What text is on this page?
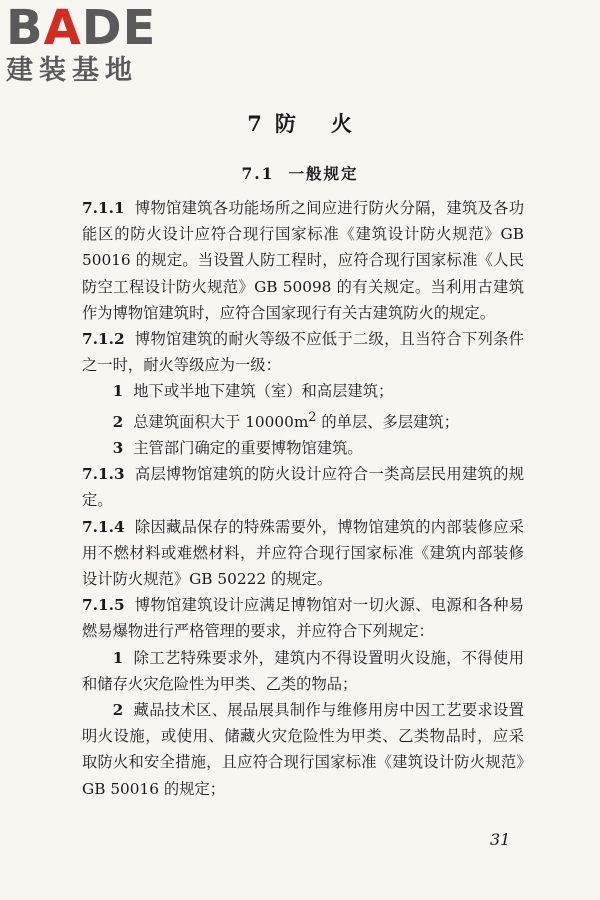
BADE
建装基地
7 防 火
7.1 一般规定

7.1.1 博物馆建筑各功能场所之间应进行防火分隔，建筑及各功能区的防火设计应符合现行国家标准《建筑设计防火规范》GB 50016 的规定。当设置人防工程时，应符合现行国家标准《人民防空工程设计防火规范》GB 50098 的有关规定。当利用古建筑作为博物馆建筑时，应符合国家现行有关古建筑防火的规定。

7.1.2 博物馆建筑的耐火等级不应低于二级，且当符合下列条件之一时，耐火等级应为一级：

1 地下或半地下建筑（室）和高层建筑；

2 总建筑面积大于 $10000m^2$ 的单层、多层建筑；

3 主管部门确定的重要博物馆建筑。

7.1.3 高层博物馆建筑的防火设计应符合一类高层民用建筑的规定。

7.1.4 除因藏品保存的特殊需要外，博物馆建筑的内部装修应采用不燃材料或难燃材料，并应符合现行国家标准《建筑内部装修设计防火规范》GB 50222 的规定。

7.1.5 博物馆建筑设计应满足博物馆对一切火源、电源和各种易燃易爆物进行严格管理的要求，并应符合下列规定：

1 除工艺特殊要求外，建筑内不得设置明火设施，不得使用和储存火灾危险性为甲类、乙类的物品；

2 藏品技术区、展品展具制作与维修用房中因工艺要求设置明火设施，或使用、储藏火灾危险性为甲类、乙类物品时，应采取防火和安全措施，且应符合现行国家标准《建筑设计防火规范》GB 50016 的规定；

31
